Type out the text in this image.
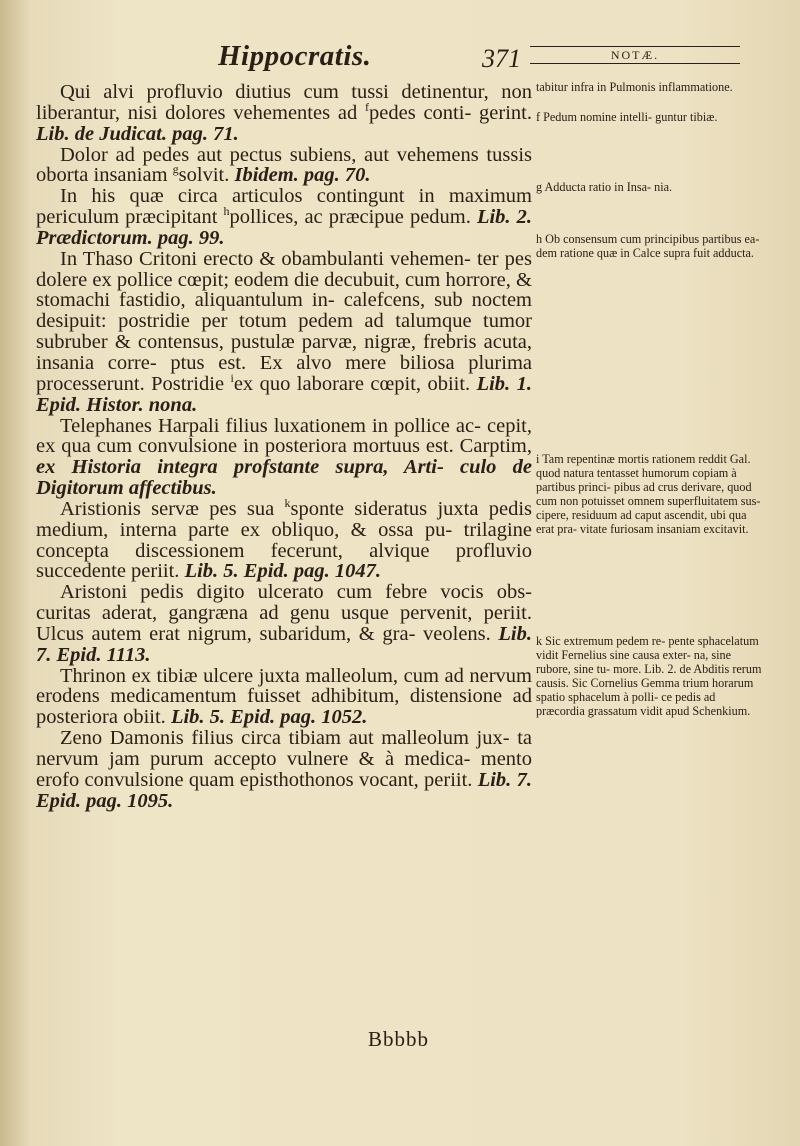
Hippocratis.	371	NOTÆ.

Qui alvi profluvio diutius cum tussi detinentur, non liberantur, nisi dolores vehementes ad $^f$pedes conti- gerint. Lib. de Judicat. pag. 71.

Dolor ad pedes aut pectus subiens, aut vehemens tussis oborta insaniam $^g$solvit. Ibidem. pag. 70.

In his quæ circa articulos contingunt in maximum periculum præcipitant $^h$pollices, ac præcipue pedum. Lib. 2. Prædictorum. pag. 99.

In Thaso Critoni erecto & obambulanti vehemen- ter pes dolere ex pollice cœpit; eodem die decubuit, cum horrore, & stomachi fastidio, aliquantulum in- calefcens, sub noctem desipuit: postridie per totum pedem ad talumque tumor subruber & contensus, pustulæ parvæ, nigræ, frebris acuta, insania corre- ptus est. Ex alvo mere biliosa plurima processerunt. Postridie $^i$ex quo laborare cœpit, obiit. Lib. 1. Epid. Histor. nona.

Telephanes Harpali filius luxationem in pollice ac- cepit, ex qua cum convulsione in posteriora mortuus est. Carptim, ex Historia integra profstante supra, Arti- culo de Digitorum affectibus.

Aristionis servæ pes sua $^k$sponte sideratus juxta pedis medium, interna parte ex obliquo, & ossa pu- trilagine concepta discessionem fecerunt, alvique profluvio succedente periit. Lib. 5. Epid. pag. 1047.

Aristoni pedis digito ulcerato cum febre vocis obs- curitas aderat, gangræna ad genu usque pervenit, periit. Ulcus autem erat nigrum, subaridum, & gra- veolens. Lib. 7. Epid. 1113.

Thrinon ex tibiæ ulcere juxta malleolum, cum ad nervum erodens medicamentum fuisset adhibitum, distensione ad posteriora obiit. Lib. 5. Epid. pag. 1052.

Zeno Damonis filius circa tibiam aut malleolum jux- ta nervum jam purum accepto vulnere & à medica- mento erofo convulsione quam episthothonos vocant, periit. Lib. 7. Epid. pag. 1095.

tabitur infra in Pulmonis inflammatione.

f Pedum nomine intelli- guntur tibiæ.

g Adducta ratio in Insa- nia.

h Ob consensum cum principibus partibus ea- dem ratione quæ in Calce supra fuit adducta.

i Tam repentinæ mortis rationem reddit Gal. quod natura tentasset humorum copiam à partibus princi- pibus ad crus derivare, quod cum non potuisset omnem superfluitatem sus- cipere, residuum ad caput ascendit, ubi qua erat pra- vitate furiosam insaniam excitavit.

k Sic extremum pedem re- pente sphacelatum vidit Fernelius sine causa exter- na, sine rubore, sine tu- more. Lib. 2. de Abditis rerum causis. Sic Cornelius Gemma trium horarum spatio sphacelum à polli- ce pedis ad præcordia grassatum vidit apud Schenkium.

Bbbbb
